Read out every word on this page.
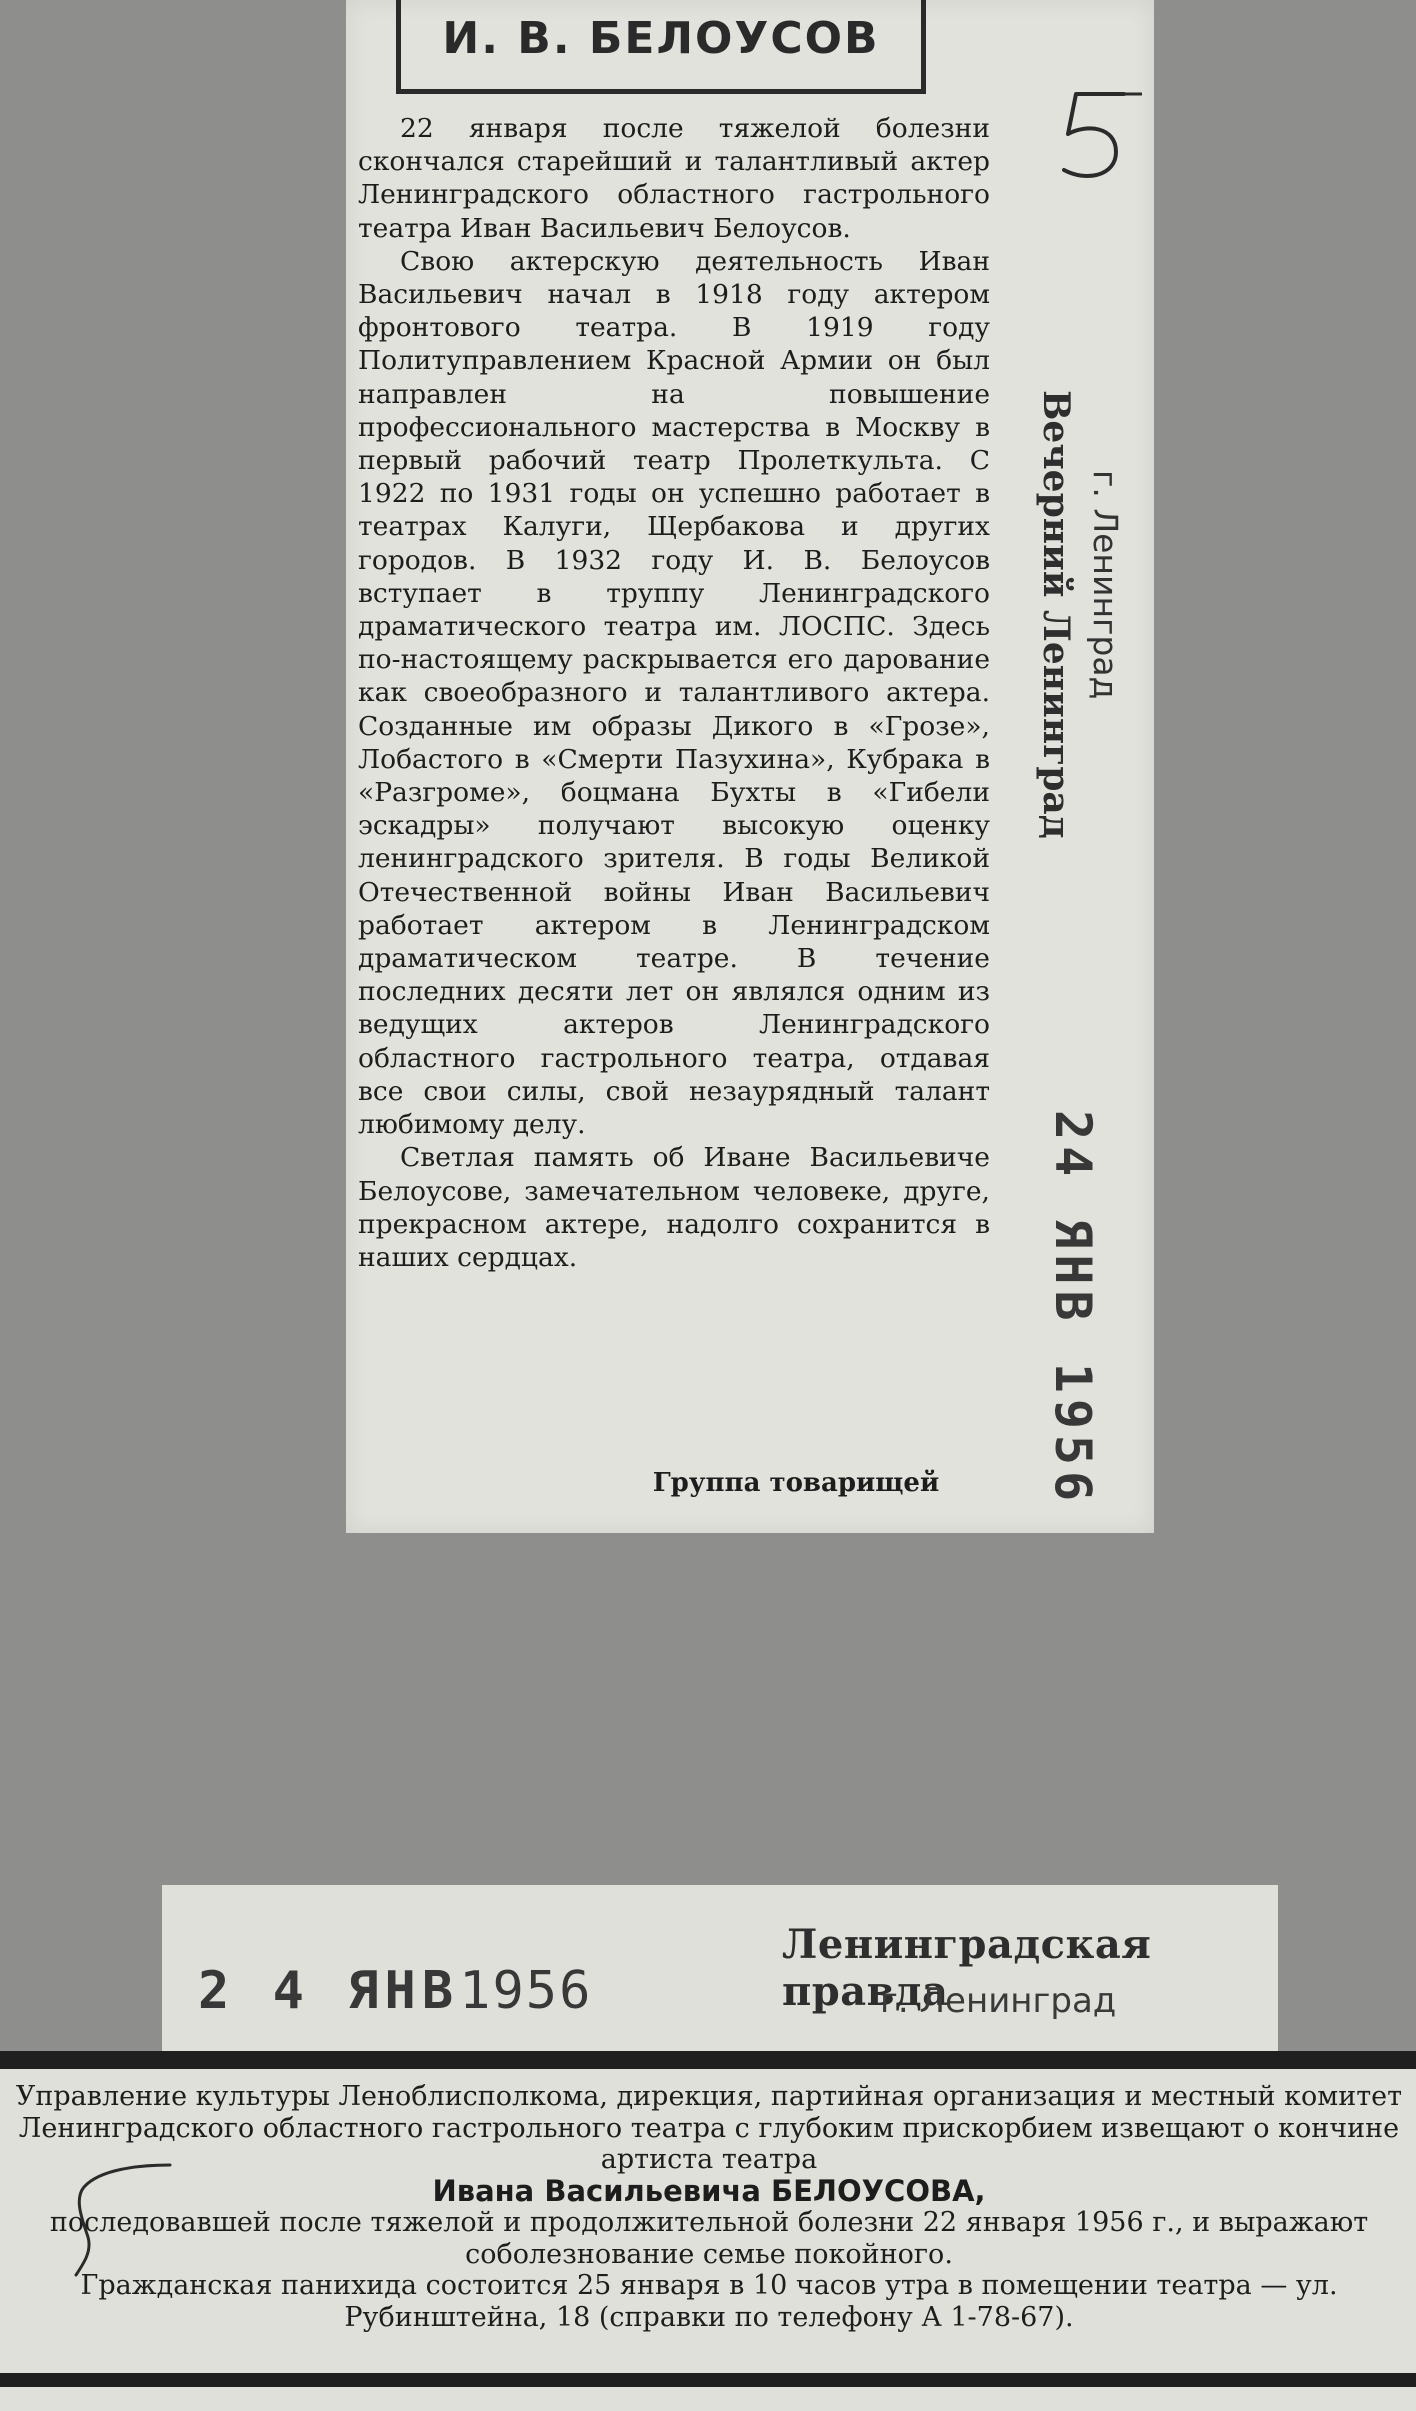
И. В. БЕЛОУСОВ

22 января после тяжелой болезни скончался старейший и талантливый актер Ленинградского областного гастрольного театра Иван Васильевич Белоусов.

Свою актерскую деятельность Иван Васильевич начал в 1918 году актером фронтового театра. В 1919 году Политуправлением Красной Армии он был направлен на повышение профессионального мастерства в Москву в первый рабочий театр Пролеткульта. С 1922 по 1931 годы он успешно работает в театрах Калуги, Щербакова и других городов. В 1932 году И. В. Белоусов вступает в труппу Ленинградского драматического театра им. ЛОСПС. Здесь по-настоящему раскрывается его дарование как своеобразного и талантливого актера. Созданные им образы Дикого в «Грозе», Лобастого в «Смерти Пазухина», Кубрака в «Разгроме», боцмана Бухты в «Гибели эскадры» получают высокую оценку ленинградского зрителя. В годы Великой Отечественной войны Иван Васильевич работает актером в Ленинградском драматическом театре. В течение последних десяти лет он являлся одним из ведущих актеров Ленинградского областного гастрольного театра, отдавая все свои силы, свой незаурядный талант любимому делу.

Светлая память об Иване Васильевиче Белоусове, замечательном человеке, друге, прекрасном актере, надолго сохранится в наших сердцах.

Группа товарищей
Вечерний Ленинград г. Ленинград
24 ЯНВ 1956
2 4 ЯНВ1956
Ленинградская правда
г. Ленинград
Управление культуры Леноблисполкома, дирекция, партийная организация и местный комитет Ленинградского областного гастрольного театра с глубоким прискорбием извещают о кончине артиста театра
Ивана Васильевича БЕЛОУСОВА,
последовавшей после тяжелой и продолжительной болезни 22 января 1956 г., и выражают соболезнование семье покойного.
Гражданская панихида состоится 25 января в 10 часов утра в помещении театра — ул. Рубинштейна, 18 (справки по телефону А 1-78-67).
